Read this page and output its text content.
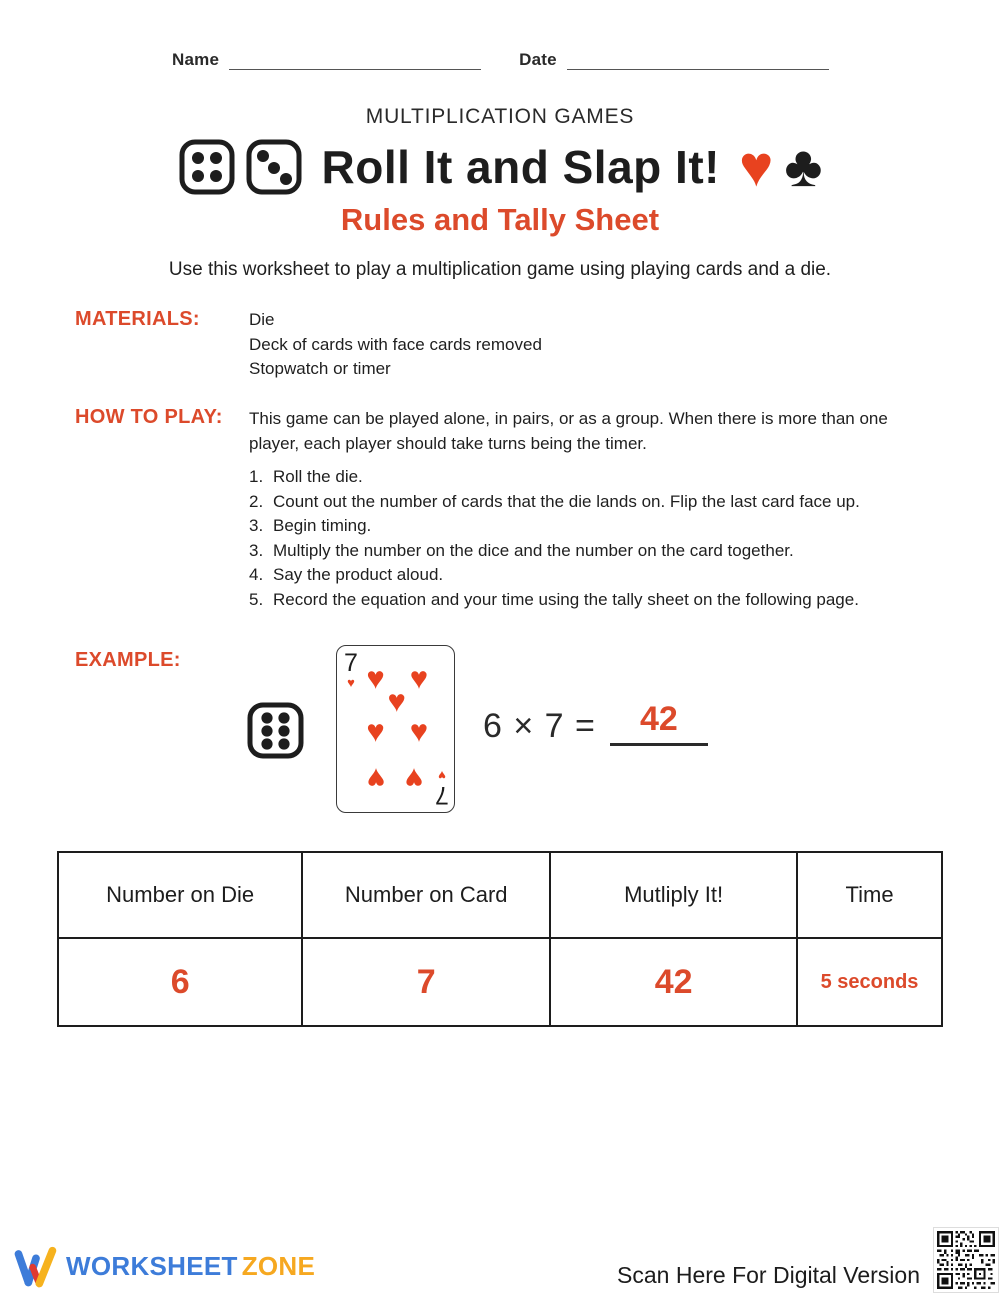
Name	Date
MULTIPLICATION GAMES
Roll It and Slap It! ♥ ♣
Rules and Tally Sheet
Use this worksheet to play a multiplication game using playing cards and a die.
MATERIALS:	Die
Deck of cards with face cards removed
Stopwatch or timer
HOW TO PLAY: This game can be played alone, in pairs, or as a group. When there is more than one player, each player should take turns being the timer.
1. Roll the die.
2. Count out the number of cards that the die lands on. Flip the last card face up.
3. Begin timing.
3. Multiply the number on the dice and the number on the card together.
4. Say the product aloud.
5. Record the equation and your time using the tally sheet on the following page.
EXAMPLE:	7
♥
7
♥
♥ ♥
♥
♥ ♥
♥ ♥
6 × 7 =	42
Number on Die	Number on Card	Mutliply It!	Time
6	7	42	5 seconds
WORKSHEET ZONE	Scan Here For Digital Version
